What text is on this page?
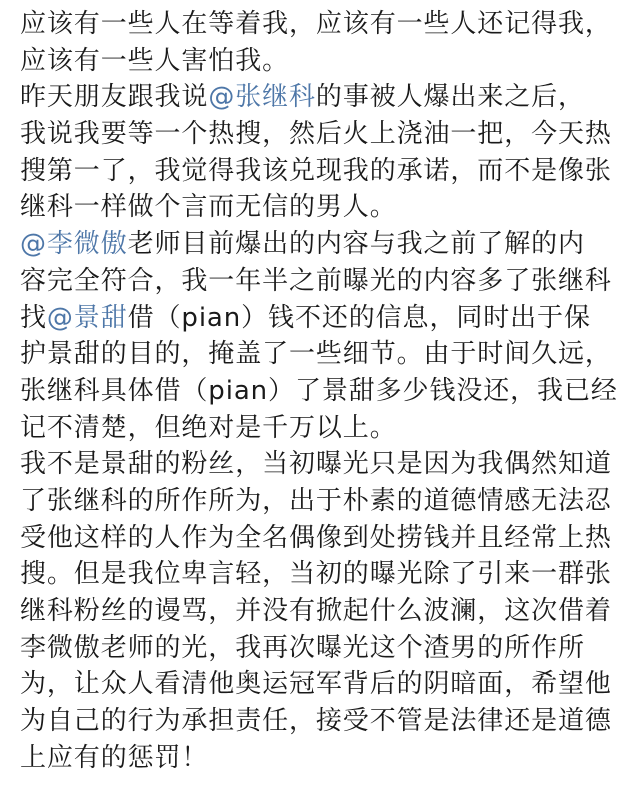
应该有一些人在等着我，应该有一些人还记得我，
应该有一些人害怕我。
昨天朋友跟我说@张继科的事被人爆出来之后，
我说我要等一个热搜，然后火上浇油一把，今天热
搜第一了，我觉得我该兑现我的承诺，而不是像张
继科一样做个言而无信的男人。
@李微傲老师目前爆出的内容与我之前了解的内
容完全符合，我一年半之前曝光的内容多了张继科
找@景甜借（pian）钱不还的信息，同时出于保
护景甜的目的，掩盖了一些细节。由于时间久远，
张继科具体借（pian）了景甜多少钱没还，我已经
记不清楚，但绝对是千万以上。
我不是景甜的粉丝，当初曝光只是因为我偶然知道
了张继科的所作所为，出于朴素的道德情感无法忍
受他这样的人作为全名偶像到处捞钱并且经常上热
搜。但是我位卑言轻，当初的曝光除了引来一群张
继科粉丝的谩骂，并没有掀起什么波澜，这次借着
李微傲老师的光，我再次曝光这个渣男的所作所
为，让众人看清他奥运冠军背后的阴暗面，希望他
为自己的行为承担责任，接受不管是法律还是道德
上应有的惩罚！
